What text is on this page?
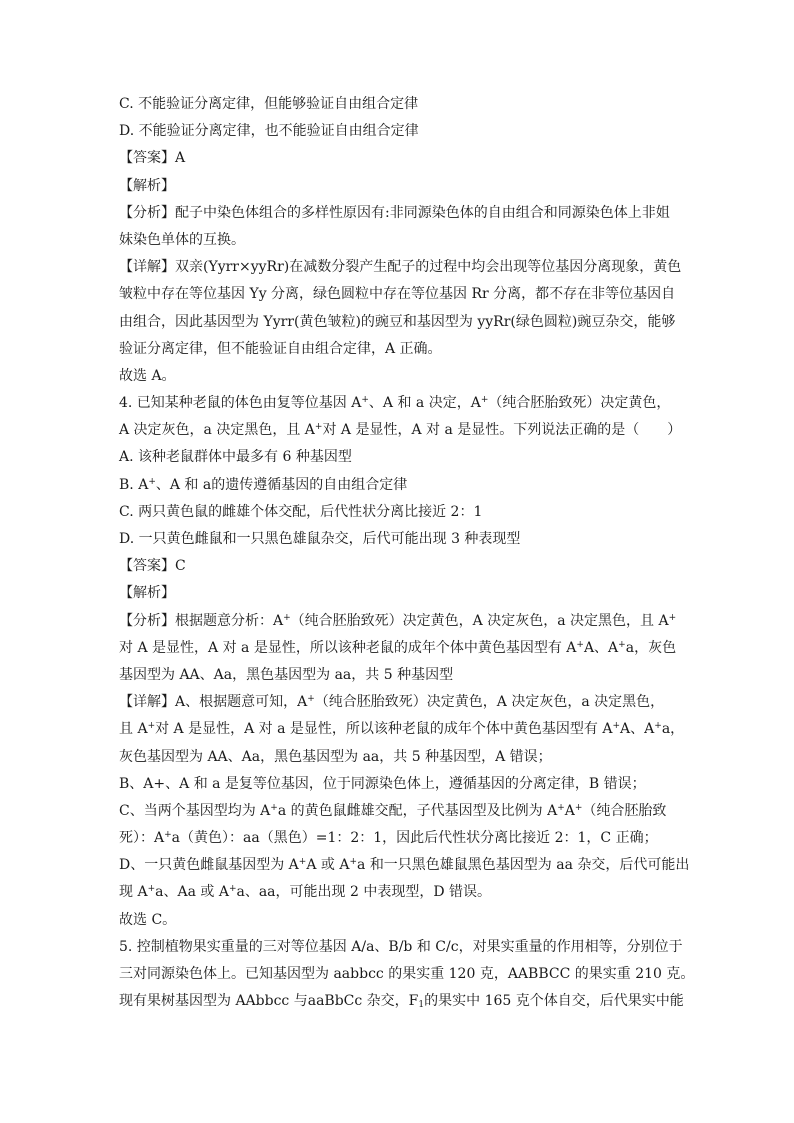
C. 不能验证分离定律，但能够验证自由组合定律
D. 不能验证分离定律，也不能验证自由组合定律
【 答案 】 A
【 解析 】
【 分析 】 配子中染色体组合的多样性原因有:非同源染色体的自由组合和同源染色体上非姐
妹染色单体的互换。
【 详解 】 双亲(Yyrr×yyRr)在减数分裂产生配子的过程中均会出现等位基因分离现象，黄色
皱粒中存在等位基因 Yy 分离，绿色圆粒中存在等位基因 Rr 分离，都不存在非等位基因自
由组合，因此基因型为 Yyrr(黄色皱粒)的豌豆和基因型为 yyRr(绿色圆粒)豌豆杂交，能够
验证分离定律，但不能验证自由组合定律，A 正确。
故选 A。
4. 已知某种老鼠的体色由复等位基因 A+、A 和 a 决定，A+（纯合胚胎致死）决定黄色，
A 决定灰色，a 决定黑色，且 A+对 A 是显性，A 对 a 是显性。下列说法正确的是（　　）
A. 该种老鼠群体中最多有 6 种基因型
B. A+、A 和 a的遗传遵循基因的自由组合定律
C. 两只黄色鼠的雌雄个体交配，后代性状分离比接近 2：1
D. 一只黄色雌鼠和一只黑色雄鼠杂交，后代可能出现 3 种表现型
【 答案 】 C
【 解析 】
【 分析 】 根据题意分析：A+（纯合胚胎致死）决定黄色，A 决定灰色，a 决定黑色，且 A+
对 A 是显性，A 对 a 是显性，所以该种老鼠的成年个体中黄色基因型有 A+A、A+a，灰色
基因型为 AA、Aa，黑色基因型为 aa，共 5 种基因型
【 详解 】 A、根据题意可知，A+（纯合胚胎致死）决定黄色，A 决定灰色，a 决定黑色，
且 A+对 A 是显性，A 对 a 是显性，所以该种老鼠的成年个体中黄色基因型有 A+A、A+a，
灰色基因型为 AA、Aa，黑色基因型为 aa，共 5 种基因型，A 错误；
B、A+、A 和 a 是复等位基因，位于同源染色体上，遵循基因的分离定律，B 错误；
C、当两个基因型均为 A+a 的黄色鼠雌雄交配，子代基因型及比例为 A+A+（纯合胚胎致
死）：A+a（黄色）：aa（黑色）=1：2：1，因此后代性状分离比接近 2：1，C 正确；
D、一只黄色雌鼠基因型为 A+A 或 A+a 和一只黑色雄鼠黑色基因型为 aa 杂交，后代可能出
现 A+a、Aa 或 A+a、aa，可能出现 2 中表现型，D 错误。
故选 C。
5. 控制植物果实重量的三对等位基因 A/a、B/b 和 C/c，对果实重量的作用相等，分别位于
三对同源染色体上。已知基因型为 aabbcc 的果实重 120 克，AABBCC 的果实重 210 克。
现有果树基因型为 AAbbcc 与aaBbCc 杂交，$F_1$的果实中 165 克个体自交，后代果实中能
